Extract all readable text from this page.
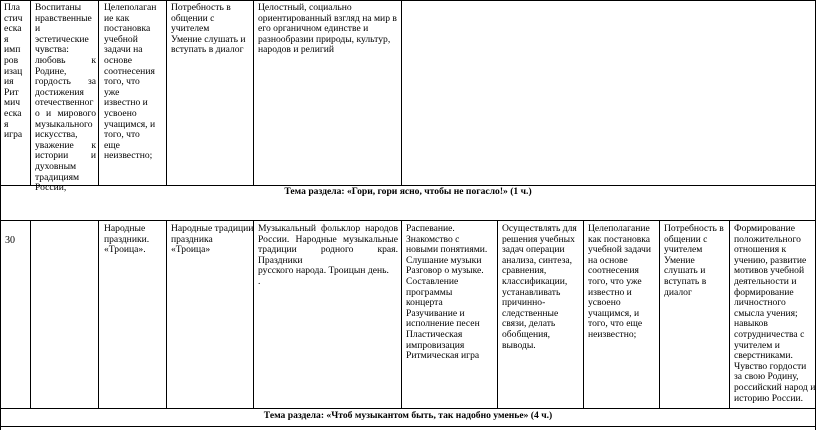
Пла
стич
еска
я
имп
ров
изац
ия
Рит
мич
еска
я
игра
Воспитаны
нравственные
и эстетические
чувства:
любовь к
Родине,
гордость за
достижения
отечественног
о и мирового
музыкального
искусства,
уважение к
истории и
духовным
традициям
России,
Целеполаган
ие как
постановка
учебной
задачи на
основе
соотнесения
того, что
уже
известно и
усвоено
учащимся, и
того, что
еще
неизвестно;
Потребность в
общении с
учителем
Умение слушать и
вступать в диалог
Целостный, социально
ориентированный взгляд на мир в
его органичном единстве и
разнообразии природы, культур,
народов и религий
Тема раздела: «Гори, гори ясно, чтобы не погасло!» (1 ч.)
30
Народные
праздники.
«Троица».
Народные традиции
праздника
«Троица»
Музыкальный фольклор народов
России. Народные музыкальные
традиции родного края. Праздники
русского народа. Троицын день.
.
Распевание.
Знакомство с
новыми понятиями.
Слушание музыки
Разговор о музыке.
Составление
программы
концерта
Разучивание и
исполнение песен
Пластическая
импровизация
Ритмическая игра
Осуществлять для
решения учебных
задач операции
анализа, синтеза,
сравнения,
классификации,
устанавливать
причинно-
следственные
связи, делать
обобщения,
выводы.
Целеполагание
как постановка
учебной задачи
на основе
соотнесения
того, что уже
известно и
усвоено
учащимся, и
того, что еще
неизвестно;
Потребность в
общении с
учителем
Умение
слушать и
вступать в
диалог
Формирование
положительного
отношения к
учению, развитие
мотивов учебной
деятельности и
формирование
личностного
смысла учения;
навыков
сотрудничества с
учителем и
сверстниками.
Чувство гордости
за свою Родину,
российский народ и
историю России.
Тема раздела: «Чтоб музыкантом быть, так надобно уменье» (4 ч.)
